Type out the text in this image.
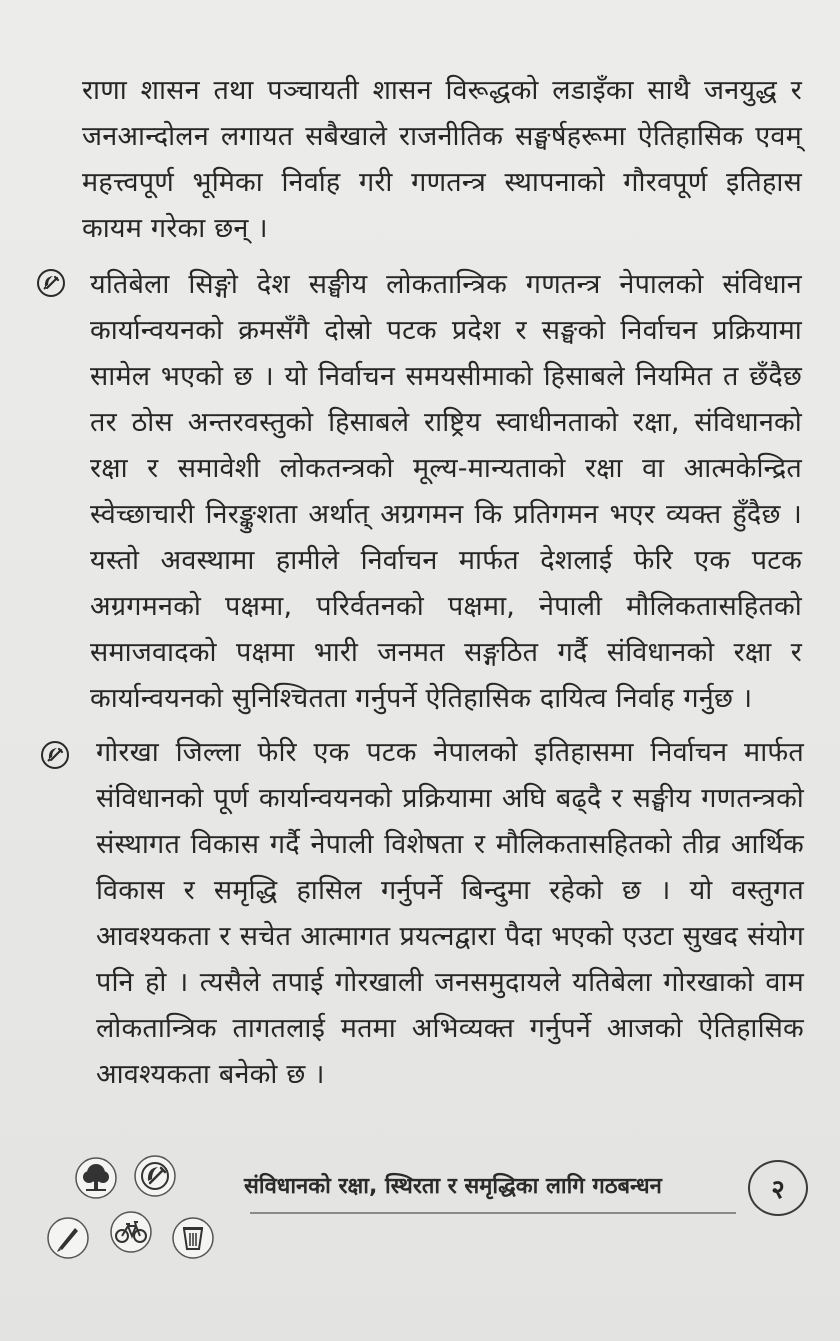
राणा शासन तथा पञ्चायती शासन विरूद्धको लडाइँका साथै जनयुद्ध र जनआन्दोलन लगायत सबैखाले राजनीतिक सङ्घर्षहरूमा ऐतिहासिक एवम् महत्त्वपूर्ण भूमिका निर्वाह गरी गणतन्त्र स्थापनाको गौरवपूर्ण इतिहास कायम गरेका छन् ।
यतिबेला सिङ्गो देश सङ्घीय लोकतान्त्रिक गणतन्त्र नेपालको संविधान कार्यान्वयनको क्रमसँगै दोस्रो पटक प्रदेश र सङ्घको निर्वाचन प्रक्रियामा सामेल भएको छ । यो निर्वाचन समयसीमाको हिसाबले नियमित त छँदैछ तर ठोस अन्तरवस्तुको हिसाबले राष्ट्रिय स्वाधीनताको रक्षा, संविधानको रक्षा र समावेशी लोकतन्त्रको मूल्य-मान्यताको रक्षा वा आत्मकेन्द्रित स्वेच्छाचारी निरङ्कुशता अर्थात् अग्रगमन कि प्रतिगमन भएर व्यक्त हुँदैछ । यस्तो अवस्थामा हामीले निर्वाचन मार्फत देशलाई फेरि एक पटक अग्रगमनको पक्षमा, परिर्वतनको पक्षमा, नेपाली मौलिकतासहितको समाजवादको पक्षमा भारी जनमत सङ्गठित गर्दै संविधानको रक्षा र कार्यान्वयनको सुनिश्चितता गर्नुपर्ने ऐतिहासिक दायित्व निर्वाह गर्नुछ ।
गोरखा जिल्ला फेरि एक पटक नेपालको इतिहासमा निर्वाचन मार्फत संविधानको पूर्ण कार्यान्वयनको प्रक्रियामा अघि बढ्दै र सङ्घीय गणतन्त्रको संस्थागत विकास गर्दै नेपाली विशेषता र मौलिकतासहितको तीव्र आर्थिक विकास र समृद्धि हासिल गर्नुपर्ने बिन्दुमा रहेको छ । यो वस्तुगत आवश्यकता र सचेत आत्मागत प्रयत्नद्वारा पैदा भएको एउटा सुखद संयोग पनि हो । त्यसैले तपाई गोरखाली जनसमुदायले यतिबेला गोरखाको वाम लोकतान्त्रिक तागतलाई मतमा अभिव्यक्त गर्नुपर्ने आजको ऐतिहासिक आवश्यकता बनेको छ ।
संविधानको रक्षा, स्थिरता र समृद्धिका लागि गठबन्धन	२
